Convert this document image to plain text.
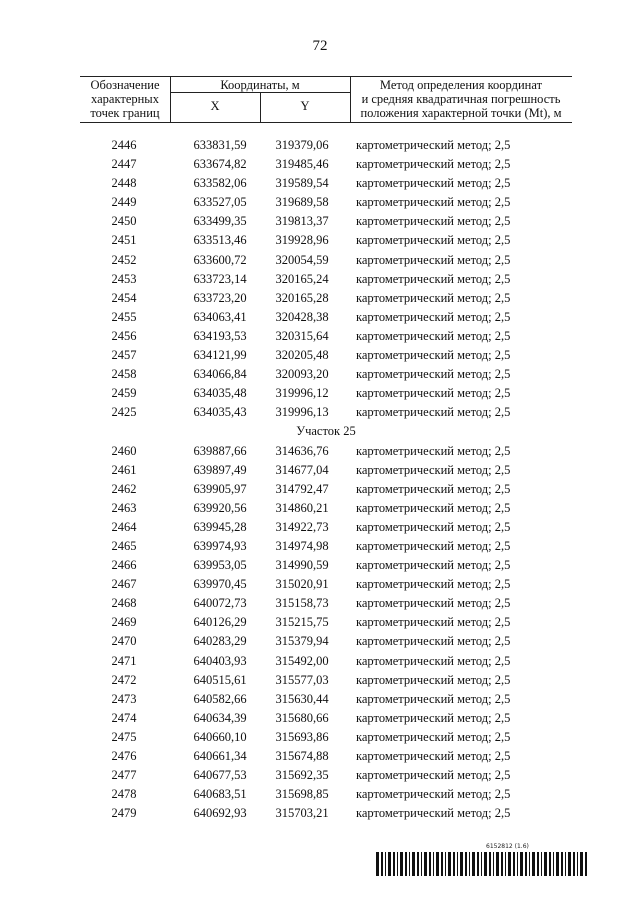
72
Обозначение
характерных
точек границ
Координаты, м
X	Y
Метод определения координат
и средняя квадратичная погрешность
положения характерной точки (Mt), м
2446	633831,59	319379,06	картометрический метод; 2,5
2447	633674,82	319485,46	картометрический метод; 2,5
2448	633582,06	319589,54	картометрический метод; 2,5
2449	633527,05	319689,58	картометрический метод; 2,5
2450	633499,35	319813,37	картометрический метод; 2,5
2451	633513,46	319928,96	картометрический метод; 2,5
2452	633600,72	320054,59	картометрический метод; 2,5
2453	633723,14	320165,24	картометрический метод; 2,5
2454	633723,20	320165,28	картометрический метод; 2,5
2455	634063,41	320428,38	картометрический метод; 2,5
2456	634193,53	320315,64	картометрический метод; 2,5
2457	634121,99	320205,48	картометрический метод; 2,5
2458	634066,84	320093,20	картометрический метод; 2,5
2459	634035,48	319996,12	картометрический метод; 2,5
2425	634035,43	319996,13	картометрический метод; 2,5
Участок 25
2460	639887,66	314636,76	картометрический метод; 2,5
2461	639897,49	314677,04	картометрический метод; 2,5
2462	639905,97	314792,47	картометрический метод; 2,5
2463	639920,56	314860,21	картометрический метод; 2,5
2464	639945,28	314922,73	картометрический метод; 2,5
2465	639974,93	314974,98	картометрический метод; 2,5
2466	639953,05	314990,59	картометрический метод; 2,5
2467	639970,45	315020,91	картометрический метод; 2,5
2468	640072,73	315158,73	картометрический метод; 2,5
2469	640126,29	315215,75	картометрический метод; 2,5
2470	640283,29	315379,94	картометрический метод; 2,5
2471	640403,93	315492,00	картометрический метод; 2,5
2472	640515,61	315577,03	картометрический метод; 2,5
2473	640582,66	315630,44	картометрический метод; 2,5
2474	640634,39	315680,66	картометрический метод; 2,5
2475	640660,10	315693,86	картометрический метод; 2,5
2476	640661,34	315674,88	картометрический метод; 2,5
2477	640677,53	315692,35	картометрический метод; 2,5
2478	640683,51	315698,85	картометрический метод; 2,5
2479	640692,93	315703,21	картометрический метод; 2,5
6152812 (1.6)
